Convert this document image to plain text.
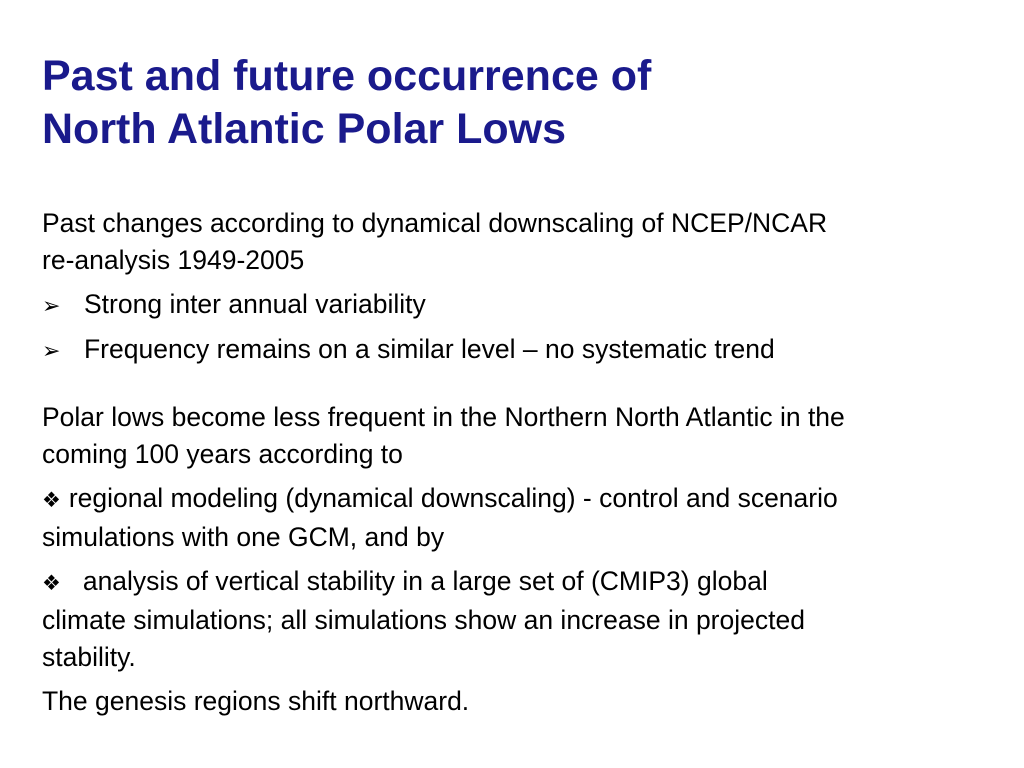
Past and future occurrence of
North Atlantic Polar Lows

Past changes according to dynamical downscaling of NCEP/NCAR
re-analysis 1949-2005

➢ Strong inter annual variability
➢ Frequency remains on a similar level – no systematic trend

Polar lows become less frequent in the Northern North Atlantic in the
coming 100 years according to

❖ regional modeling (dynamical downscaling) - control and scenario
simulations with one GCM, and by
❖ analysis of vertical stability in a large set of (CMIP3) global
climate simulations; all simulations show an increase in projected
stability.

The genesis regions shift northward.
